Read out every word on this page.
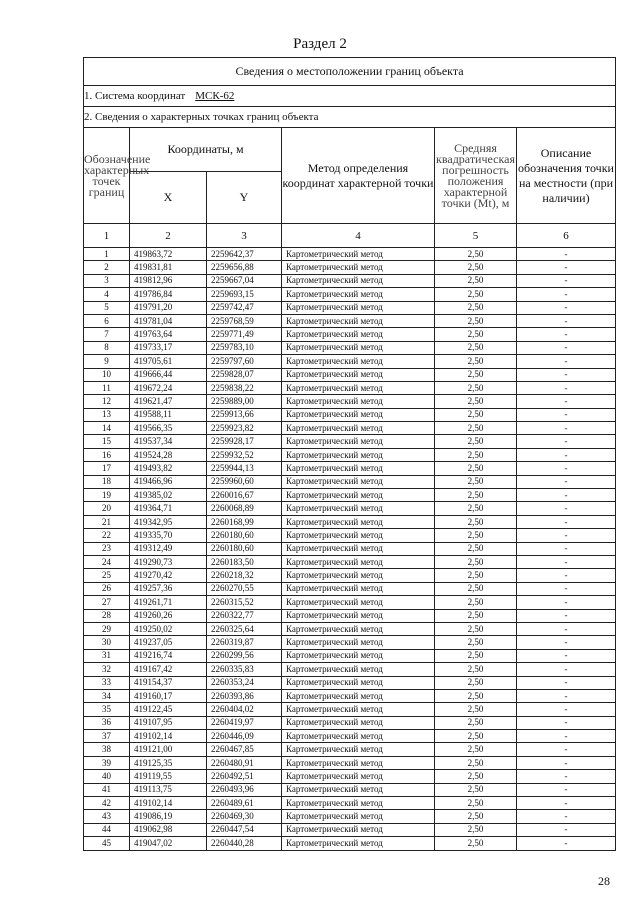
Раздел 2
Сведения о местоположении границ объекта					
1. Система координат МСК-62					
2. Сведения о характерных точках границ объекта					
Обозначение характерных точек границ	Координаты, м		Метод определения координат характерной точки	Средняя квадратическая погрешность положения характерной точки (Mt), м	Описание обозначения точки на местности (при наличии)
	X	Y			
1	2	3	4	5	6
1	419863,72	2259642,37	Картометрический метод	2,50	-
2	419831,81	2259656,88	Картометрический метод	2,50	-
3	419812,96	2259667,04	Картометрический метод	2,50	-
4	419786,84	2259693,15	Картометрический метод	2,50	-
5	419791,20	2259742,47	Картометрический метод	2,50	-
6	419781,04	2259768,59	Картометрический метод	2,50	-
7	419763,64	2259771,49	Картометрический метод	2,50	-
8	419733,17	2259783,10	Картометрический метод	2,50	-
9	419705,61	2259797,60	Картометрический метод	2,50	-
10	419666,44	2259828,07	Картометрический метод	2,50	-
11	419672,24	2259838,22	Картометрический метод	2,50	-
12	419621,47	2259889,00	Картометрический метод	2,50	-
13	419588,11	2259913,66	Картометрический метод	2,50	-
14	419566,35	2259923,82	Картометрический метод	2,50	-
15	419537,34	2259928,17	Картометрический метод	2,50	-
16	419524,28	2259932,52	Картометрический метод	2,50	-
17	419493,82	2259944,13	Картометрический метод	2,50	-
18	419466,96	2259960,60	Картометрический метод	2,50	-
19	419385,02	2260016,67	Картометрический метод	2,50	-
20	419364,71	2260068,89	Картометрический метод	2,50	-
21	419342,95	2260168,99	Картометрический метод	2,50	-
22	419335,70	2260180,60	Картометрический метод	2,50	-
23	419312,49	2260180,60	Картометрический метод	2,50	-
24	419290,73	2260183,50	Картометрический метод	2,50	-
25	419270,42	2260218,32	Картометрический метод	2,50	-
26	419257,36	2260270,55	Картометрический метод	2,50	-
27	419261,71	2260315,52	Картометрический метод	2,50	-
28	419260,26	2260322,77	Картометрический метод	2,50	-
29	419250,02	2260325,64	Картометрический метод	2,50	-
30	419237,05	2260319,87	Картометрический метод	2,50	-
31	419216,74	2260299,56	Картометрический метод	2,50	-
32	419167,42	2260335,83	Картометрический метод	2,50	-
33	419154,37	2260353,24	Картометрический метод	2,50	-
34	419160,17	2260393,86	Картометрический метод	2,50	-
35	419122,45	2260404,02	Картометрический метод	2,50	-
36	419107,95	2260419,97	Картометрический метод	2,50	-
37	419102,14	2260446,09	Картометрический метод	2,50	-
38	419121,00	2260467,85	Картометрический метод	2,50	-
39	419125,35	2260480,91	Картометрический метод	2,50	-
40	419119,55	2260492,51	Картометрический метод	2,50	-
41	419113,75	2260493,96	Картометрический метод	2,50	-
42	419102,14	2260489,61	Картометрический метод	2,50	-
43	419086,19	2260469,30	Картометрический метод	2,50	-
44	419062,98	2260447,54	Картометрический метод	2,50	-
45	419047,02	2260440,28	Картометрический метод	2,50	-
28
